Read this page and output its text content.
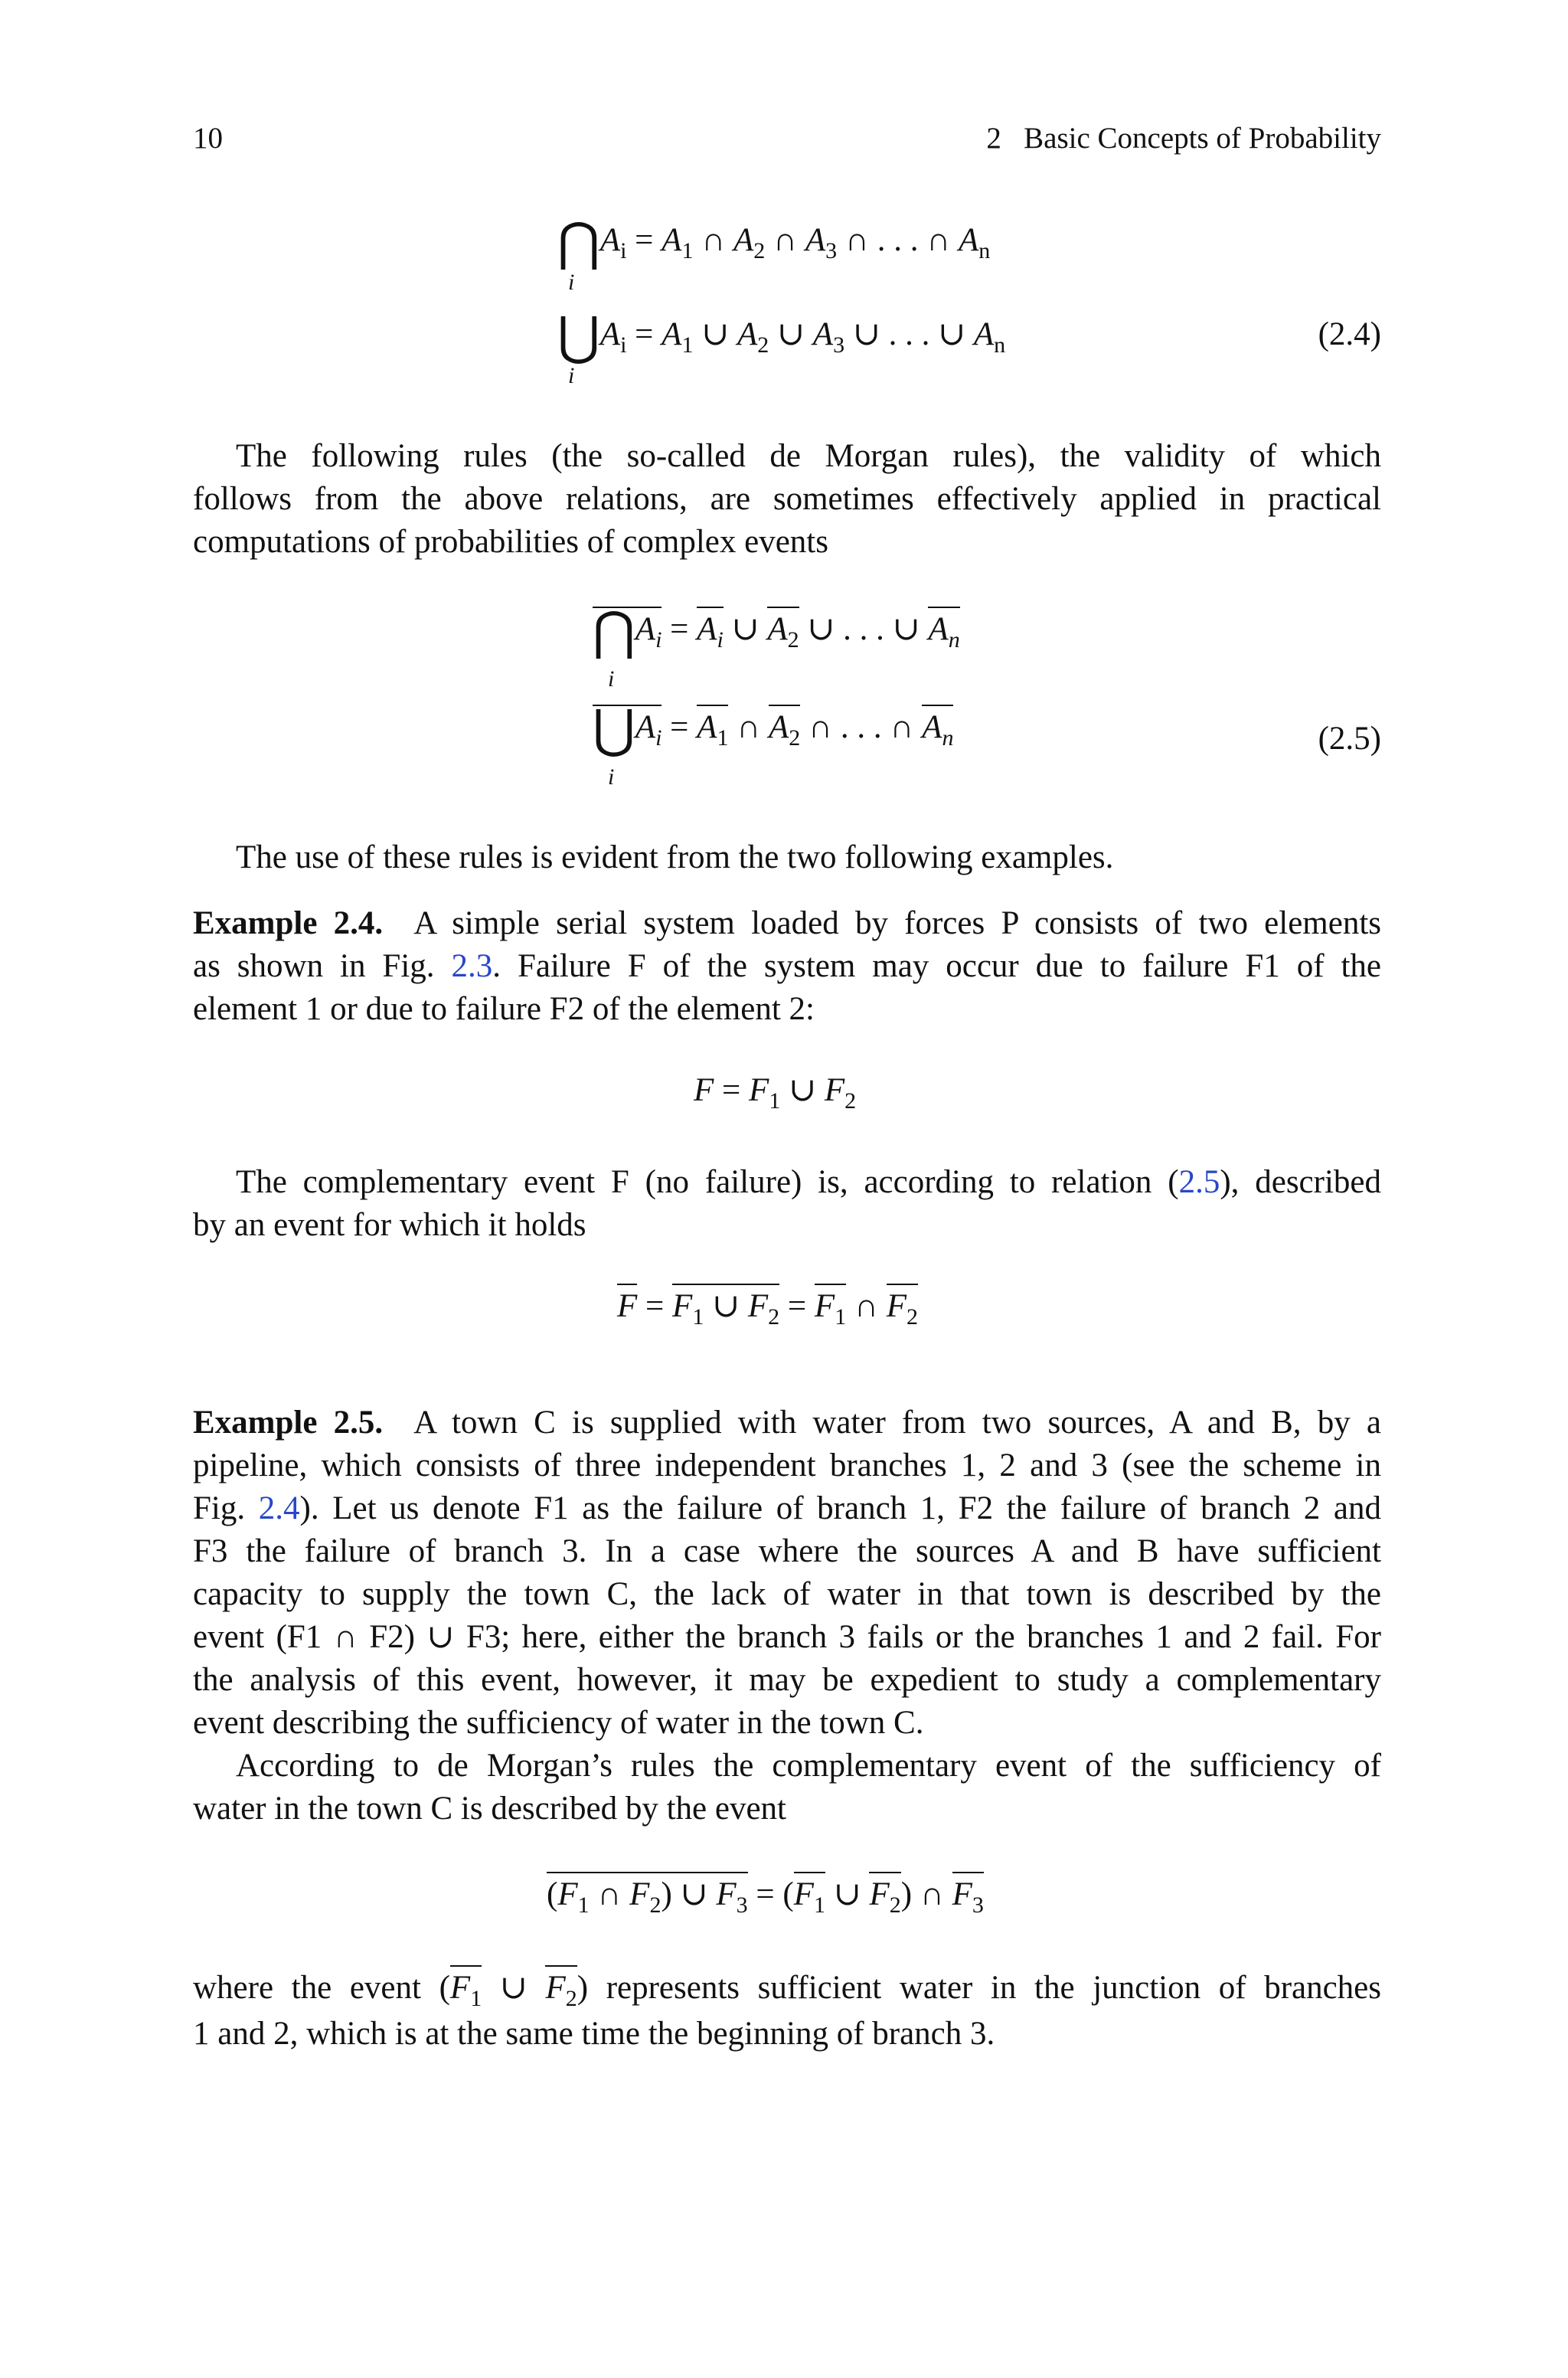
10	2   Basic Concepts of Probability
$⋂A_i = A_1$ ∩ $A_2$ ∩ $A_3$ ∩ . . . ∩ $A_n$
i
$⋃A_i = A_1$ ∪ $A_2$ ∪ $A_3$ ∪ . . . ∪ $A_n$
i
(2.4)
The following rules (the so-called de Morgan rules), the validity of which
follows from the above relations, are sometimes effectively applied in practical
computations of probabilities of complex events
$⋂A_i = A_i$ ∪ $A_2$ ∪ . . . ∪ $A_n$
i
$⋃A_i = A_1$ ∩ $A_2$ ∩ . . . ∩ $A_n$
i
(2.5)
The use of these rules is evident from the two following examples.
Example 2.4. A simple serial system loaded by forces P consists of two elements
as shown in Fig. 2.3. Failure F of the system may occur due to failure F1 of the
element 1 or due to failure F2 of the element 2:
$F = F_1$ ∪ $F_2$
The complementary event F (no failure) is, according to relation (2.5), described
by an event for which it holds
$F = F_1$ ∪ $F_2 = F_1$ ∩ $F_2$
Example 2.5. A town C is supplied with water from two sources, A and B, by a
pipeline, which consists of three independent branches 1, 2 and 3 (see the scheme in
Fig. 2.4). Let us denote F1 as the failure of branch 1, F2 the failure of branch 2 and
F3 the failure of branch 3. In a case where the sources A and B have sufficient
capacity to supply the town C, the lack of water in that town is described by the
event (F1 ∩ F2) ∪ F3; here, either the branch 3 fails or the branches 1 and 2 fail. For
the analysis of this event, however, it may be expedient to study a complementary
event describing the sufficiency of water in the town C.
According to de Morgan’s rules the complementary event of the sufficiency of
water in the town C is described by the event
($F_1$ ∩ $F_2$) ∪ $F_3 = (F_1$ ∪ $F_2$) ∩ $F_3$
where the event ($F_1$ ∪ $F_2$) represents sufficient water in the junction of branches
1 and 2, which is at the same time the beginning of branch 3.
